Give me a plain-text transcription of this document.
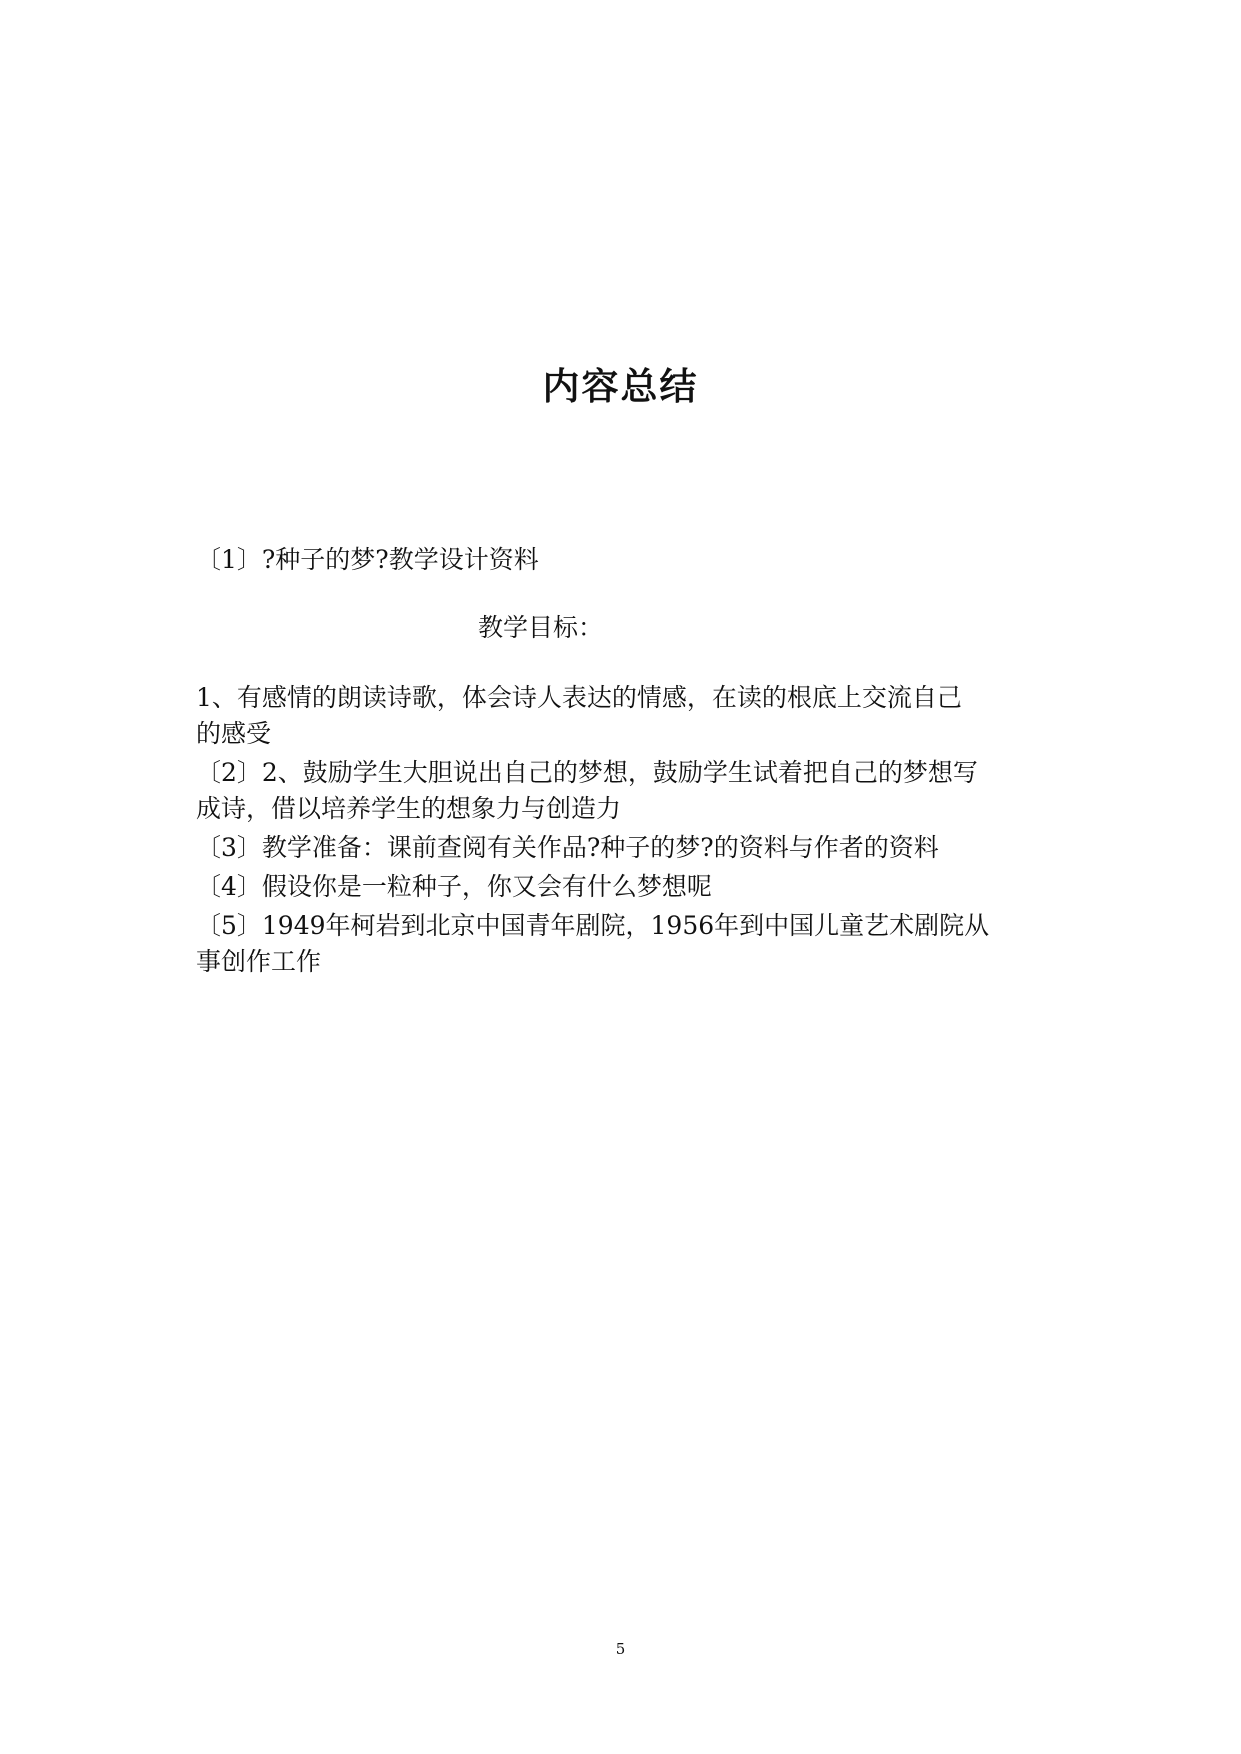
内容总结
〔1〕?种子的梦?教学设计资料
教学目标：
1、有感情的朗读诗歌，体会诗人表达的情感，在读的根底上交流自己
的感受
〔2〕2、鼓励学生大胆说出自己的梦想，鼓励学生试着把自己的梦想写
成诗，借以培养学生的想象力与创造力
〔3〕教学准备：课前查阅有关作品?种子的梦?的资料与作者的资料
〔4〕假设你是一粒种子，你又会有什么梦想呢
〔5〕1949年柯岩到北京中国青年剧院，1956年到中国儿童艺术剧院从
事创作工作
5
